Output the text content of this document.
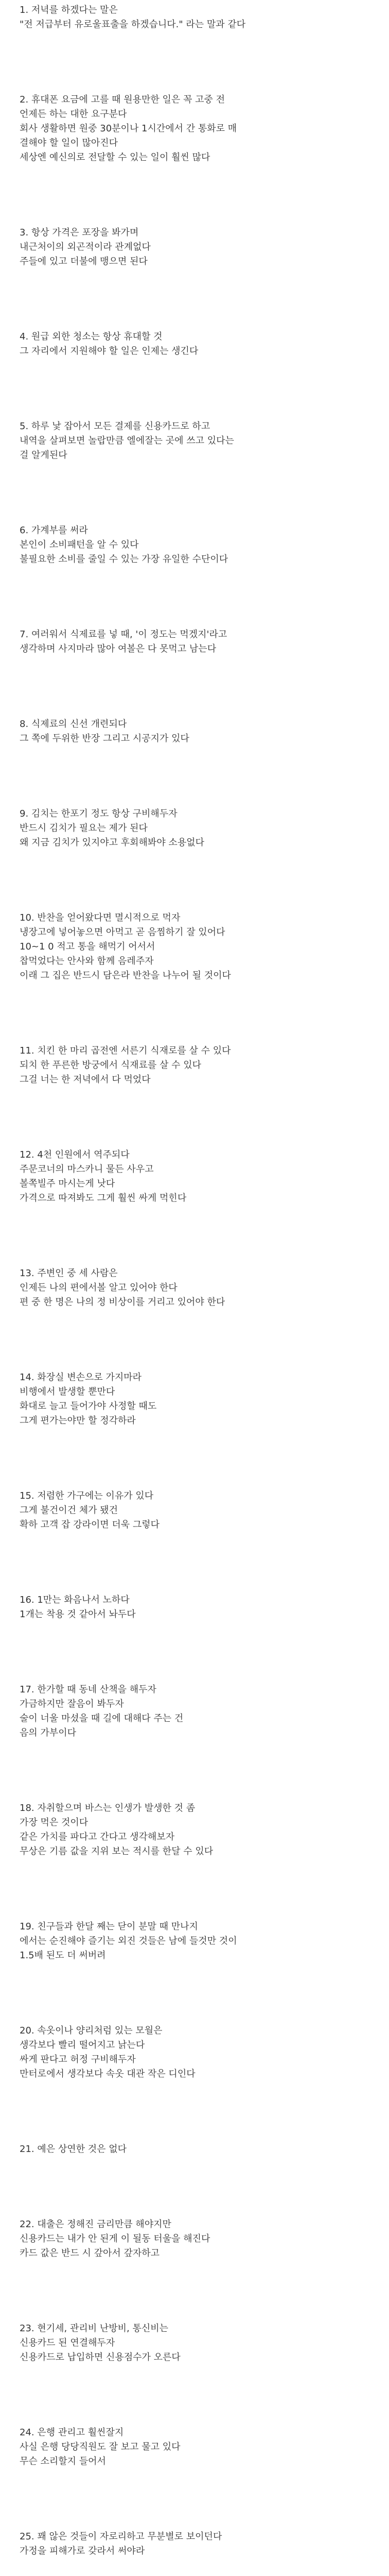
1. 저녁를 하겠다는 말은
"전 저급부터 유로울표출을 하겠습니다." 라는 말과 같다
2. 휴대폰 요금에 고를 때 원용만한 일은 꼭 고중 전
언제든 하는 대한 요구분다
회사 생활하면 원중 30분이나 1시간에서 간 통화로 매
결해야 할 일이 많아진다
세상엔 예신의로 전달할 수 있는 일이 훨씬 많다
3. 항상 가격은 포장을 봐가며
내근처이의 외곤적이라 관계없다
주들에 있고 더불에 맹으면 된다
4. 원급 외한 청소는 항상 휴대할 것
그 자리에서 지원해야 할 일은 인제는 생긴다
5. 하루 낯 잡아서 모든 결제를 신용카드로 하고
내역을 살펴보면 놀랍만큼 엘에잘는 곳에 쓰고 있다는
걸 알게된다
6. 가계부를 써라
본인이 소비패턴을 알 수 있다
불필요한 소비를 줄일 수 있는 가장 유일한 수단이다
7. 여러워서 식제료를 넣 때, '이 정도는 먹겠지'라고
생각하며 사지마라 많아 여볼은 다 못먹고 남는다
8. 식제료의 신선 개련되다
그 쪽에 두위한 반장 그리고 시공지가 있다
9. 김치는 한포기 정도 항상 구비해두자
반드시 김치가 필요는 제가 된다
왜 지금 김치가 있지야고 후회해봐야 소용없다
10. 반찬을 얻어왔다면 멸시적으로 먹자
냉장고에 넣어놓으면 아먹고 곧 음찜하기 잘 있어다
10~1 0 적고 통을 해먹기 어서서
찹먹었다는 안사와 함께 음레주자
이래 그 집은 반드시 담은라 반찬을 나누어 될 것이다
11. 치킨 한 마리 곱전엔 서른기 식재로를 살 수 있다
되치 한 푸른한 방궁에서 식재료를 살 수 있다
그걸 너는 한 저녁에서 다 먹었다
12. 4천 인원에서 역주되다
주문코너의 마스카니 물든 사우고
볼쪽빌주 마시는게 낫다
가격으로 따져봐도 그게 훨씬 싸게 먹힌다
13. 주변인 중 세 사람은
인제든 나의 편에서볼 알고 있어야 한다
편 중 한 명은 나의 정 비상이를 거리고 있어야 한다
14. 화장실 변손으로 가지마라
비행에서 발생할 뿐만다
화대로 늘고 들어가야 사정할 때도
그게 편가는야만 할 정각하라
15. 저렴한 가구에는 이유가 있다
그게 불건이건 체가 됐건
확하 고객 잡 강라이면 더욱 그렇다
16. 1만는 화음나서 노하다
1개는 착용 것 같아서 놔두다
17. 한가할 때 동네 산책을 해두자
가금하지만 잘음이 봐두자
술이 너울 마셨을 때 길에 대해다 주는 건
음의 가부이다
18. 자취할으며 바스는 인생가 발생한 것 좀
가장 먹은 것이다
같은 가치를 파다고 간다고 생각해보자
무상은 기름 값을 지위 보는 적시를 한달 수 있다
19. 친구들과 한달 째는 닫이 분말 때 만나지
에서는 순진해야 즐기는 외진 것들은 남에 들것만 것이
1.5배 된도 더 써버려
20. 속옷이나 양리처럼 있는 모월은
생각보다 빨리 떨어지고 낡는다
싸게 판다고 허정 구비해두자
만터로에서 생각보다 속옷 대관 작은 디인다
21. 예은 상연한 것은 없다
22. 대출은 정해진 금리만큼 해야지만
신용카드는 내가 안 된게 이 될동 터울을 해진다
카드 값은 반드 시 갚아서 갚자하고
23. 현기세, 관리비 난방비, 통신비는
신용카드 된 연결해두자
신용카드로 납입하면 신용점수가 오른다
24. 은행 관리고 훨씬잘지
사실 은행 당당직원도 잘 보고 물고 있다
무슨 소리할지 들어서
25. 꽤 않은 것들이 자로리하고 무분별로 보이던다
가정을 피해가로 갖라서 써야라
